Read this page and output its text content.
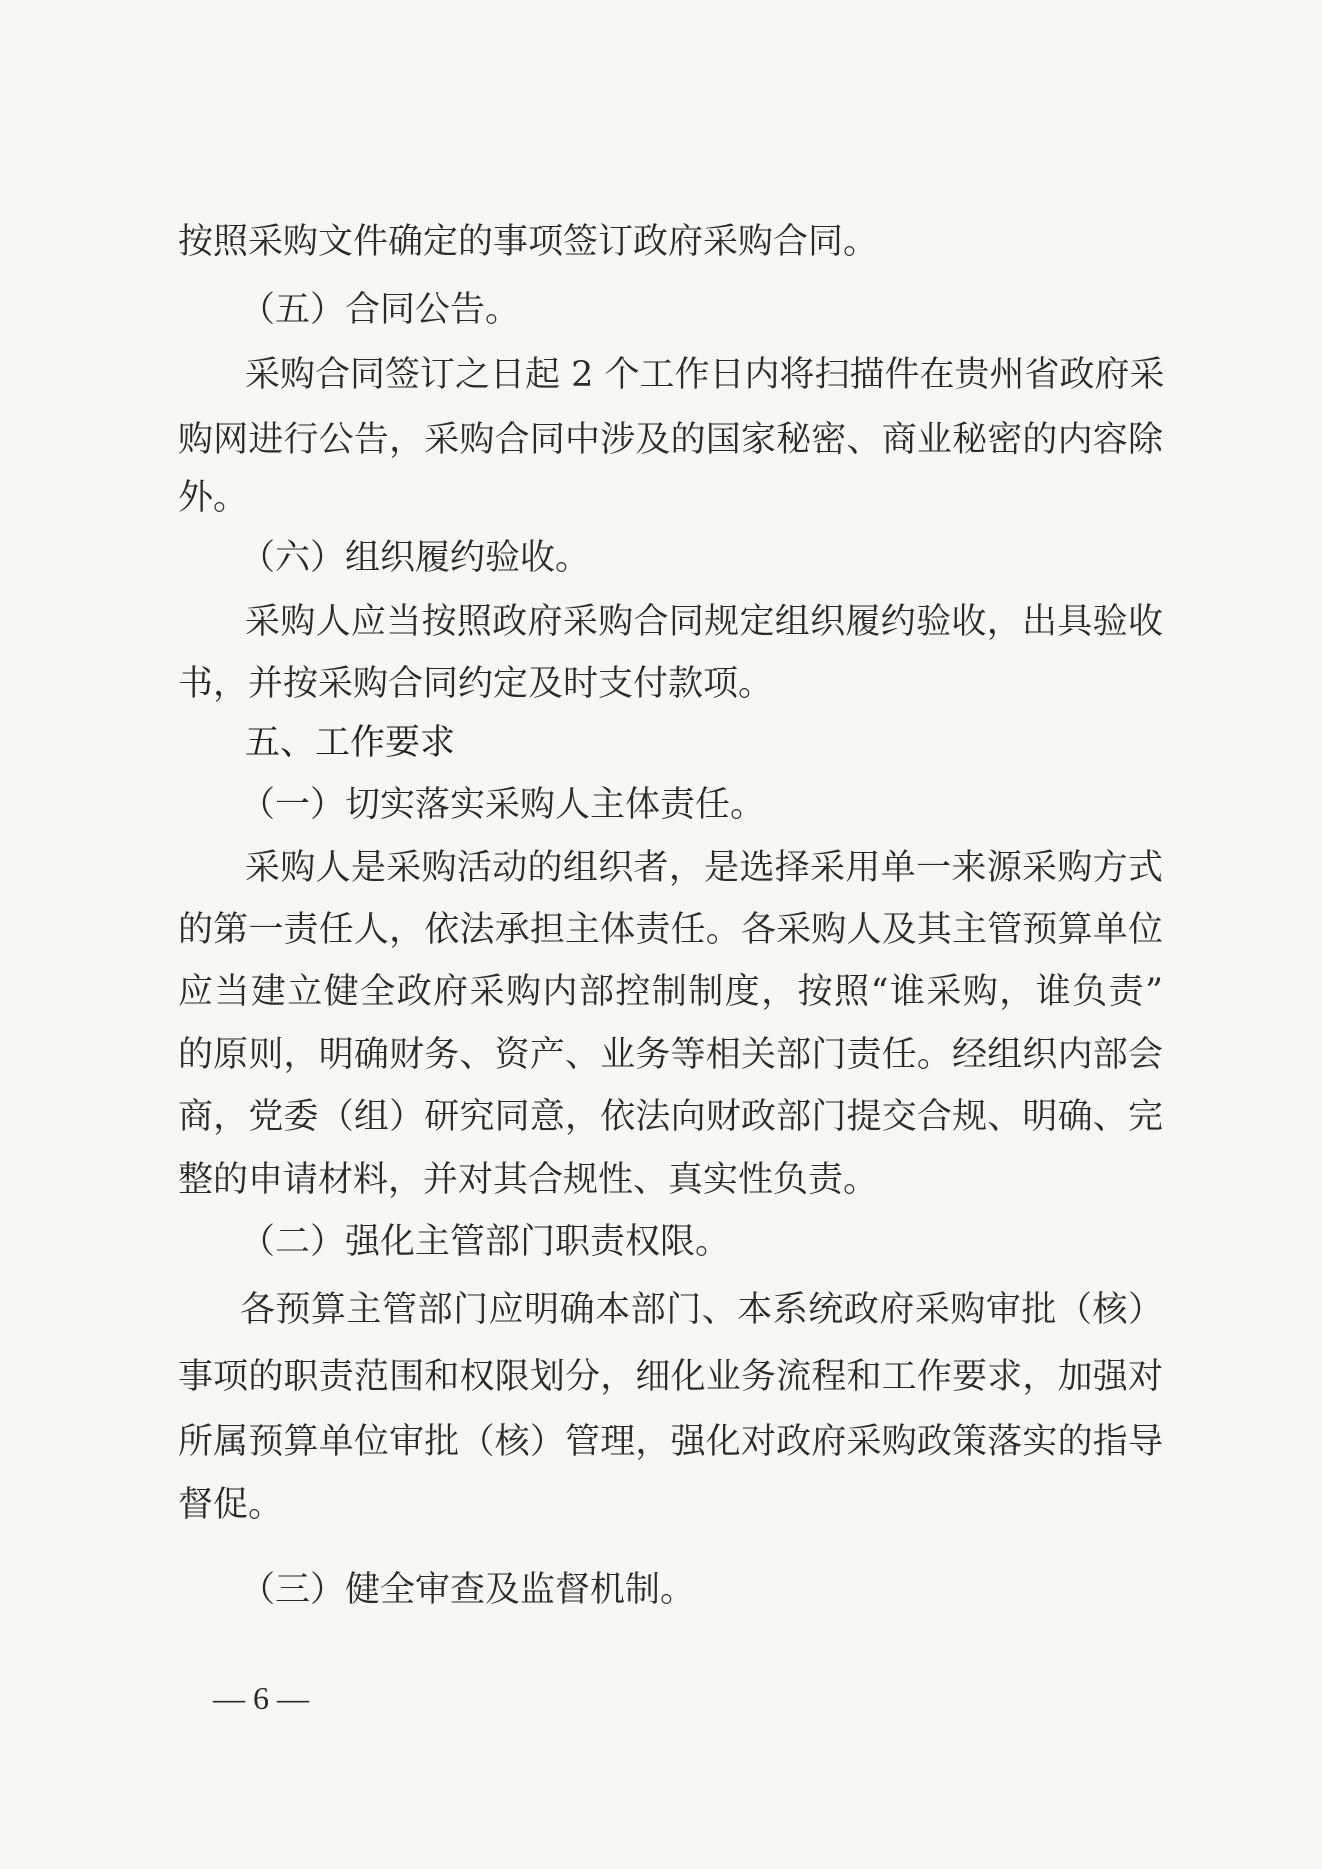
按照采购文件确定的事项签订政府采购合同。
（五）合同公告。
采购合同签订之日起 2 个工作日内将扫描件在贵州省政府采
购网进行公告，采购合同中涉及的国家秘密、商业秘密的内容除
外。
（六）组织履约验收。
采购人应当按照政府采购合同规定组织履约验收，出具验收
书，并按采购合同约定及时支付款项。
五、工作要求
（一）切实落实采购人主体责任。
采购人是采购活动的组织者，是选择采用单一来源采购方式
的第一责任人，依法承担主体责任。各采购人及其主管预算单位
应当建立健全政府采购内部控制制度，按照“谁采购，谁负责”
的原则，明确财务、资产、业务等相关部门责任。经组织内部会
商，党委（组）研究同意，依法向财政部门提交合规、明确、完
整的申请材料，并对其合规性、真实性负责。
（二）强化主管部门职责权限。
各预算主管部门应明确本部门、本系统政府采购审批（核）
事项的职责范围和权限划分，细化业务流程和工作要求，加强对
所属预算单位审批（核）管理，强化对政府采购政策落实的指导
督促。
（三）健全审查及监督机制。
— 6 —
